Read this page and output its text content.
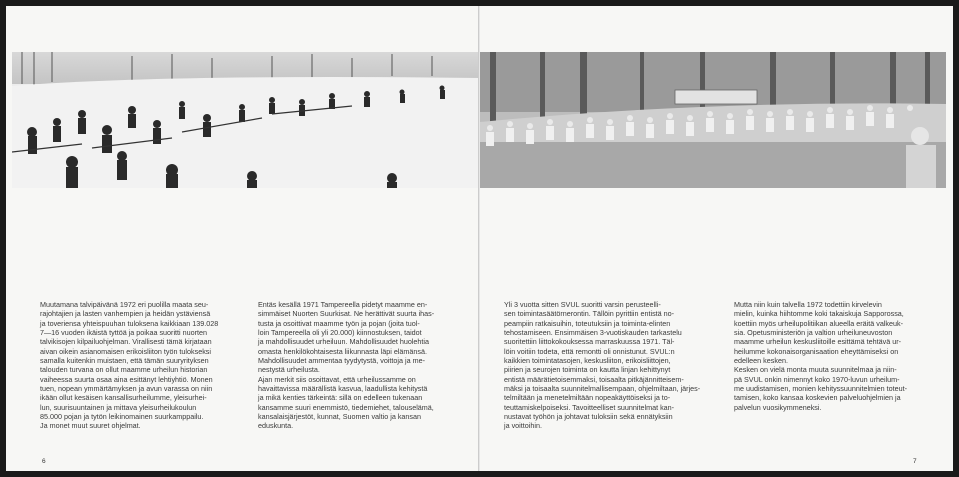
Muutamana talvipäivänä 1972 eri puolilla maata seu-
rajohtajien ja lasten vanhempien ja heidän ystäviensä
ja toveriensa yhteispuuhan tuloksena kaikkiaan 139.028
7—16 vuoden ikäistä tyttöä ja poikaa suoritti nuorten
talvikisojen kilpailuohjelman. Virallisesti tämä kirjataan
aivan oikein asianomaisen erikoisliiton työn tulokseksi
samalla kuitenkin muistaen, että tämän suuryrityksen
talouden turvana on ollut maamme urheilun historian
vaiheessa suurta osaa aina esittänyt lehtiyhtiö. Monen
tuen, nopean ymmärtämyksen ja avun varassa on niin
ikään ollut kesäisen kansallisurheilumme, yleisurhei-
lun, suurisuuntainen ja mittava yleisurheilukoulun
85.000 pojan ja tytön leikinomainen suurkamppailu.
Ja monet muut suuret ohjelmat.
Entäs kesällä 1971 Tampereella pidetyt maamme en-
simmäiset Nuorten Suurkisat. Ne herättivät suurta ihas-
tusta ja osoittivat maamme työn ja pojan (joita tuol-
loin Tampereella oli yli 20.000) kiinnostuksen, taidot
ja mahdollisuudet urheiluun. Mahdollisuudet huolehtia
omasta henkilökohtaisesta liikunnasta läpi elämänsä.
Mahdollisuudet ammentaa tyydytystä, voittoja ja me-
nestystä urheilusta.
Ajan merkit siis osoittavat, että urheilussamme on
havaittavissa määrällistä kasvua, laadullista kehitystä
ja mikä kenties tärkeintä: sillä on edelleen tukenaan
kansamme suuri enemmistö, tiedemiehet, talouselämä,
kansalaisjärjestöt, kunnat, Suomen valtio ja kansan
eduskunta.
6
Yli 3 vuotta sitten SVUL suoritti varsin perusteelli-
sen toimintasäätörnerontin. Tällöin pyrittiin entistä no-
peampiin ratkaisuihin, toteutuksiin ja toiminta-elinten
tehostamiseen. Ensimmäisen 3-vuotiskauden tarkastelu
suoritettiin liittokokouksessa marraskuussa 1971. Täl-
löin voitiin todeta, että remontti oli onnistunut. SVUL:n
kaikkien toimintatasojen, keskusliiton, erikoisliittojen,
piirien ja seurojen toiminta on kautta linjan kehittynyt
entistä määrätietoisemmaksi, toisaalta pitkäjännitteisem-
mäksi ja toisaalta suunnitelmallisempaan, ohjelmiltaan, järjes-
telmiltään ja menetelmiltään nopeakäyttöiseksi ja to-
teuttamiskelpoiseksi. Tavoitteelliset suunnitelmat kan-
nustavat työhön ja johtavat tuloksiin sekä ennätyksiin
ja voittoihin.
Mutta niin kuin talvella 1972 todettiin kirvelevin
mielin, kuinka hiihtomme koki takaiskuja Sapporossa,
koettiin myös urheilupolitiikan alueella eräitä valkeuk-
sia. Opetusministeriön ja valtion urheiluneuvoston
maamme urheilun keskusliitoille esittämä tehtävä ur-
heilumme kokonaisorganisaation eheyttämiseksi on
edelleen kesken.
Kesken on vielä monta muuta suunnitelmaa ja niin-
pä SVUL onkin nimennyt koko 1970-luvun urheilum-
me uudistamisen, monien kehityssuunnitelmien toteut-
tamisen, koko kansaa koskevien palveluohjelmien ja
palvelun vuosikymmeneksi.
7
